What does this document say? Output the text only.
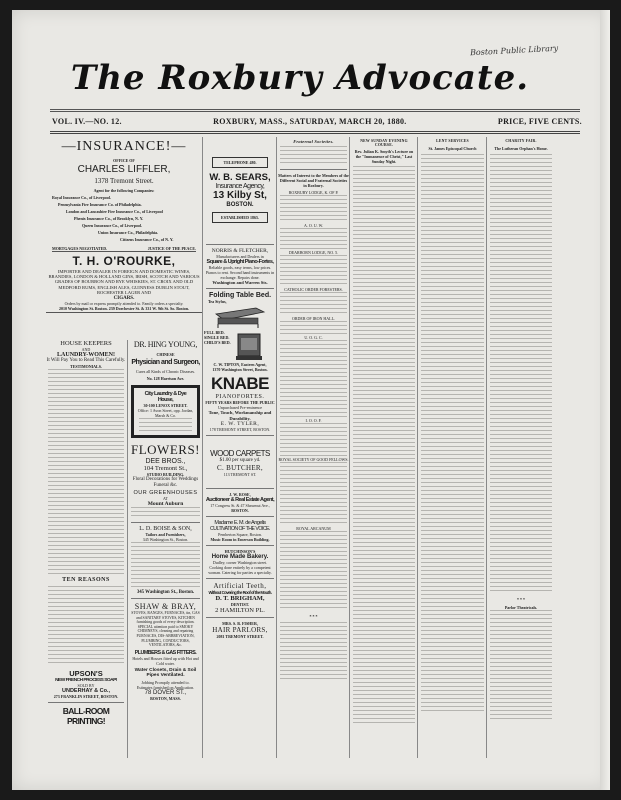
Boston Public Library
The Roxbury Advocate.
VOL. IV.—NO. 12.	ROXBURY, MASS., SATURDAY, MARCH 20, 1880.	PRICE, FIVE CENTS.
—INSURANCE!—
OFFICE OF
CHARLES LIFFLER,
1378 Tremont Street.
Agent for the following Companies:
Royal Insurance Co., of Liverpool.
Pennsylvania Fire Insurance Co. of Philadelphia.
London and Lancashire Fire Insurance Co., of Liverpool
Phenix Insurance Co., of Brooklyn, N. Y.
Queen Insurance Co., of Liverpool.
Union Insurance Co., Philadelphia.
Citizens Insurance Co., of N. Y.
MORTGAGES NEGOTIATED.	JUSTICE OF THE PEACE.
T. H. O'ROURKE,
IMPORTER AND DEALER IN FOREIGN AND DOMESTIC WINES, BRANDIES, LONDON & HOLLAND GINS, IRISH, SCOTCH AND VARIOUS GRADES OF BOURBON AND RYE WHISKIES, ST. CROIX AND OLD MEDFORD RUMS, ENGLISH ALES, GUINNESS DUBLIN STOUT, ROCHESTER LAGER AND
CIGARS.
Orders by mail or express promptly attended to. Family orders a specialty.
2010 Washington St. Boston. 239 Dorchester St. & 331 W. 9th St. So. Boston.
HOUSE KEEPERS
AND
LAUNDRY-WOMEN!
It Will Pay You to Read This Carefully.
TESTIMONIALS.
TEN REASONS
UPSON'S
NEW FRENCH PROCESS SOAP!
SOLD BY
UNDERHAY & Co.,
273 FRANKLIN STREET, BOSTON.
BALL-ROOM PRINTING!
DR. HING YOUNG,
CHINESE
Physician and Surgeon,
Cures all Kinds of Chronic Diseases.
No. 128 Harrison Ave.
City Laundry & Dye House,
30-100 LENOX STREET.
Office: 1 Avon Street, opp. Jordan, Marsh & Co.
FLOWERS!
DEE BROS.,
104 Tremont St.,
STUDIO BUILDING.
Floral Decorations for Weddings Funeral &c.
OUR GREENHOUSES
AT
Mount Auburn
L. D. BOISE & SON,
Tailors and Furnishers,
345 Washington St., Boston.
345 Washington St., Boston.
SHAW & BRAY,
STOVES, RANGES, FURNACES, tin, GAS and SANITARY STOVES, KITCHEN furnishing goods of every description. SPECIAL attention paid to SMOKY CHIMNEYS, cleaning and repairing FURNACES, DIS-ABBREVIATION, PLUMBING, CONDUCTORS, VENTILATORS, &c.
PLUMBERS & GAS FITTERS.
Hotels and Houses fitted up with Hot and Cold water.
Water Closets, Drain & Soil Pipes Ventilated.
Jobbing Promptly attended to.
Estimates furnished on Application.
78 DOVER ST.,
BOSTON, MASS.
TELEPHONE 480.
W. B. SEARS,
Insurance Agency,
13 Kilby St,
BOSTON.
ESTABLISHED 1865.
NORRIS & FLETCHER,
Manufacturers and Dealers in
Square & Upright Piano-Fortes,
Reliable goods, easy terms, low prices. Pianos to rent. Second hand instruments in exchange. Repairs done.
Washington and Warren Sts.
Folding Table Bed.
Tea Stylus,
FULL BED.
SINGLE BED.
CHILD'S BED.
C. W. TIPTON, Eastern Agent,
1370 Washington Street, Boston.
KNABE
PIANOFORTES.
FIFTY YEARS BEFORE THE PUBLIC
Unpurchased Pre-eminence
Tone, Touch, Workmanship and Durability.
E. W. TYLER,
178 TREMONT STREET, BOSTON.
WOOD CARPETS
$1.00 per square yd.
C. BUTCHER,
113 TREMONT ST.
J. W. ROSE,
Auctioneer & Real Estate Agent,
17 Congress St. & 47 Shawmut Ave.,
BOSTON.
Madame E. M. de Angelis
CULTIVATION OF THE VOICE.
Pemberton Square, Boston.
Music Room in Emerson Building.
HUTCHINSON'S
Home Made Bakery.
Dudley, corner Washington street.
Cooking done entirely by a competent woman. Catering for parties a specialty.
Artificial Teeth,
Without Covering the Roof of the Mouth.
D. T. BRIGHAM,
DENTIST.
2 HAMILTON PL.
MRS. S. B. FISHER,
HAIR PARLORS,
2081 TREMONT STREET.
Fraternal Societies.
Matters of Interest to the Members of the Different Social and Fraternal Societies in Roxbury.
ROXBURY LODGE, K. OF P.
A. O. U. W.
DEARBORN LODGE, NO. 5.
CATHOLIC ORDER FORESTERS.
ORDER OF IRON HALL.
U. O. G. C.
I. O. O. F.
ROYAL SOCIETY OF GOOD FELLOWS.
ROYAL ARCANUM
* * *
NEW SUNDAY EVENING COURSE.
Rev. Julian K. Smyth's Lecture on the "Immanence of Christ," Last Sunday Night.
LENT SERVICES
St. James Episcopal Church
CHARITY FAIR.
The Lutheran Orphan's Home.
* * *
Parlor Theatricals.
